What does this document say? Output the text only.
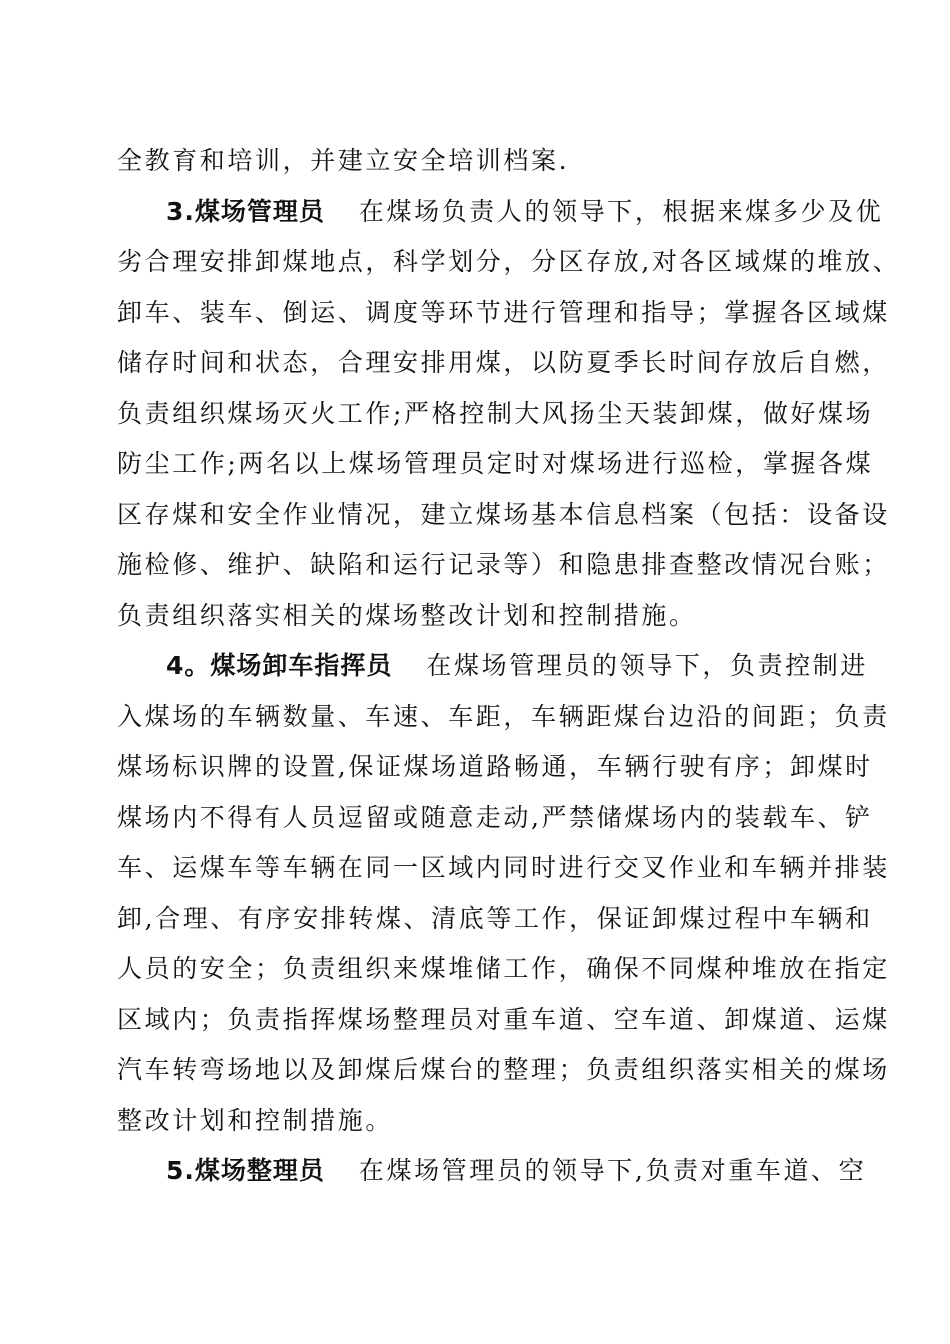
全教育和培训，并建立安全培训档案.

3.煤场管理员 在煤场负责人的领导下，根据来煤多少及优
劣合理安排卸煤地点，科学划分，分区存放,对各区域煤的堆放、
卸车、装车、倒运、调度等环节进行管理和指导；掌握各区域煤
储存时间和状态，合理安排用煤，以防夏季长时间存放后自燃，
负责组织煤场灭火工作;严格控制大风扬尘天装卸煤，做好煤场
防尘工作;两名以上煤场管理员定时对煤场进行巡检，掌握各煤
区存煤和安全作业情况，建立煤场基本信息档案（包括：设备设
施检修、维护、缺陷和运行记录等）和隐患排查整改情况台账；
负责组织落实相关的煤场整改计划和控制措施。

4。煤场卸车指挥员 在煤场管理员的领导下，负责控制进
入煤场的车辆数量、车速、车距，车辆距煤台边沿的间距；负责
煤场标识牌的设置,保证煤场道路畅通，车辆行驶有序；卸煤时
煤场内不得有人员逗留或随意走动,严禁储煤场内的装载车、铲
车、运煤车等车辆在同一区域内同时进行交叉作业和车辆并排装
卸,合理、有序安排转煤、清底等工作，保证卸煤过程中车辆和
人员的安全；负责组织来煤堆储工作，确保不同煤种堆放在指定
区域内；负责指挥煤场整理员对重车道、空车道、卸煤道、运煤
汽车转弯场地以及卸煤后煤台的整理；负责组织落实相关的煤场
整改计划和控制措施。

5.煤场整理员 在煤场管理员的领导下,负责对重车道、空
